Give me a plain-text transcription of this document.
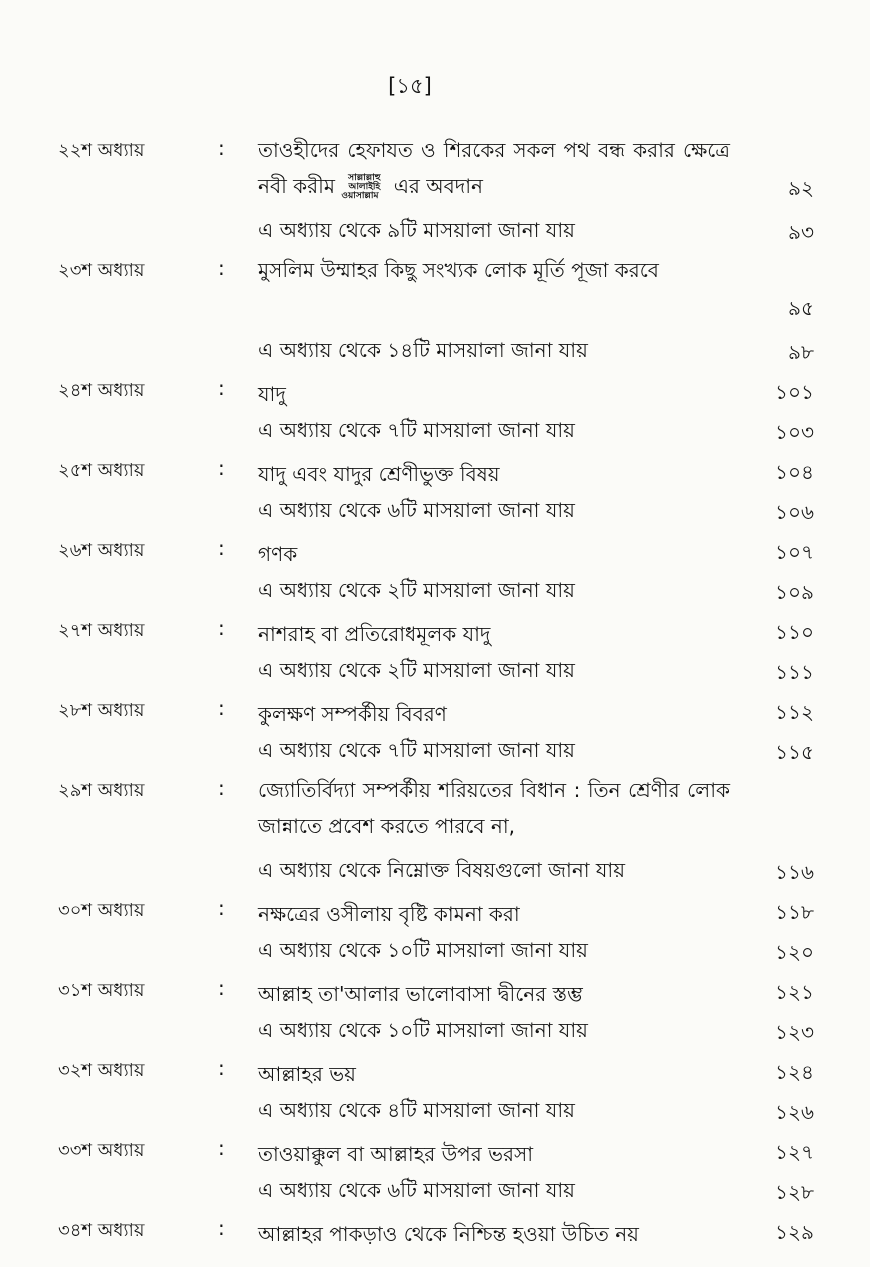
[১৫]
২২শ অধ্যায়	: তাওহীদের হেফাযত ও শিরকের সকল পথ বন্ধ করার ক্ষেত্রে নবী করীম সাল্লাল্লাহু আলাইহি ওয়াসাল্লাম এর অবদান	৯২
এ অধ্যায় থেকে ৯টি মাসয়ালা জানা যায়	৯৩
২৩শ অধ্যায়	: মুসলিম উম্মাহর কিছু সংখ্যক লোক মূর্তি পূজা করবে
৯৫
এ অধ্যায় থেকে ১৪টি মাসয়ালা জানা যায়	৯৮
২৪শ অধ্যায়	: যাদু	১০১
এ অধ্যায় থেকে ৭টি মাসয়ালা জানা যায়	১০৩
২৫শ অধ্যায়	: যাদু এবং যাদুর শ্রেণীভুক্ত বিষয়	১০৪
এ অধ্যায় থেকে ৬টি মাসয়ালা জানা যায়	১০৬
২৬শ অধ্যায়	: গণক	১০৭
এ অধ্যায় থেকে ২টি মাসয়ালা জানা যায়	১০৯
২৭শ অধ্যায়	: নাশরাহ বা প্রতিরোধমূলক যাদু	১১০
এ অধ্যায় থেকে ২টি মাসয়ালা জানা যায়	১১১
২৮শ অধ্যায়	: কুলক্ষণ সম্পর্কীয় বিবরণ	১১২
এ অধ্যায় থেকে ৭টি মাসয়ালা জানা যায়	১১৫
২৯শ অধ্যায়	: জ্যোতির্বিদ্যা সম্পর্কীয় শরিয়তের বিধান : তিন শ্রেণীর লোক জান্নাতে প্রবেশ করতে পারবে না,
এ অধ্যায় থেকে নিম্নোক্ত বিষয়গুলো জানা যায়	১১৬
৩০শ অধ্যায়	: নক্ষত্রের ওসীলায় বৃষ্টি কামনা করা	১১৮
এ অধ্যায় থেকে ১০টি মাসয়ালা জানা যায়	১২০
৩১শ অধ্যায়	: আল্লাহ তা'আলার ভালোবাসা দ্বীনের স্তম্ভ	১২১
এ অধ্যায় থেকে ১০টি মাসয়ালা জানা যায়	১২৩
৩২শ অধ্যায়	: আল্লাহর ভয়	১২৪
এ অধ্যায় থেকে ৪টি মাসয়ালা জানা যায়	১২৬
৩৩শ অধ্যায়	: তাওয়াক্কুল বা আল্লাহর উপর ভরসা	১২৭
এ অধ্যায় থেকে ৬টি মাসয়ালা জানা যায়	১২৮
৩৪শ অধ্যায়	: আল্লাহর পাকড়াও থেকে নিশ্চিন্ত হওয়া উচিত নয়	১২৯
